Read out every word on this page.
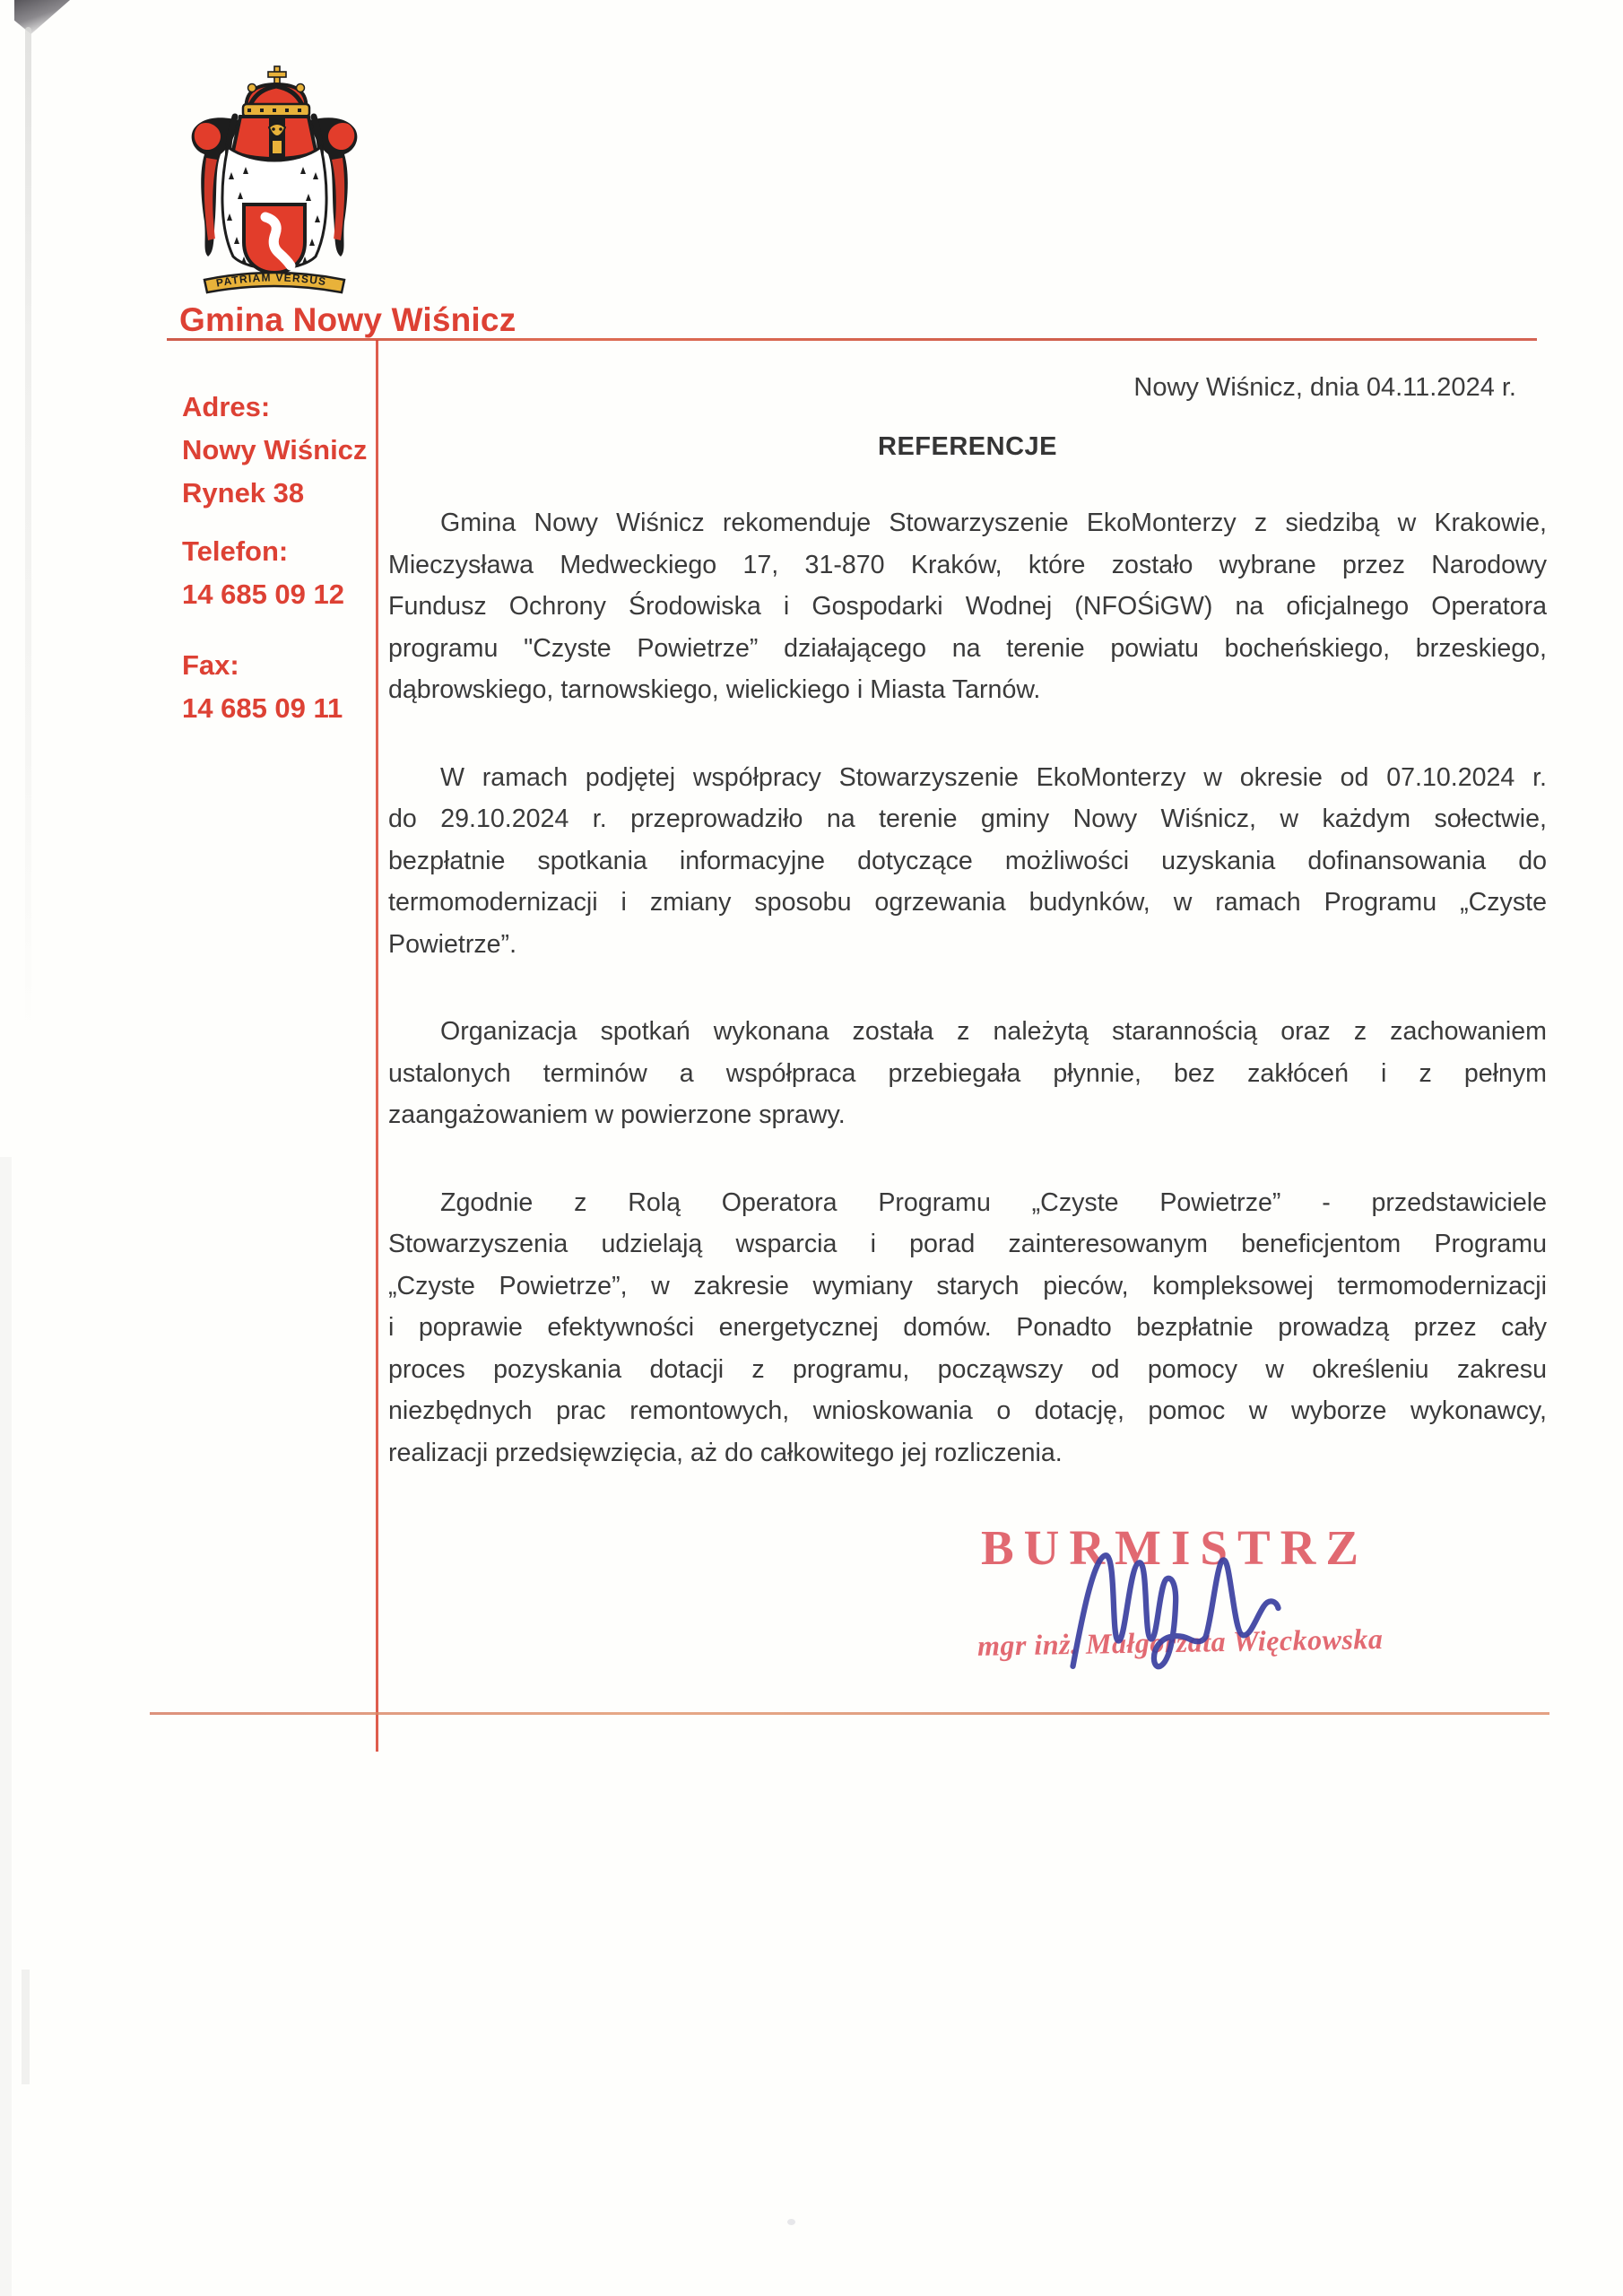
PATRIAM VERSUS
Gmina Nowy Wiśnicz
Adres:
Nowy Wiśnicz
Rynek 38
Telefon:
14 685 09 12
Fax:
14 685 09 11
Nowy Wiśnicz, dnia 04.11.2024 r.
REFERENCJE
Gmina Nowy Wiśnicz rekomenduje Stowarzyszenie EkoMonterzy z siedzibą w Krakowie,
Mieczysława Medweckiego 17, 31-870 Kraków, które zostało wybrane przez Narodowy
Fundusz Ochrony Środowiska i Gospodarki Wodnej (NFOŚiGW) na oficjalnego Operatora
programu "Czyste Powietrze” działającego na terenie powiatu bocheńskiego, brzeskiego,
dąbrowskiego, tarnowskiego, wielickiego i Miasta Tarnów.
W ramach podjętej współpracy Stowarzyszenie EkoMonterzy w okresie od 07.10.2024 r.
do 29.10.2024 r. przeprowadziło na terenie gminy Nowy Wiśnicz, w każdym sołectwie,
bezpłatnie spotkania informacyjne dotyczące możliwości uzyskania dofinansowania do
termomodernizacji i zmiany sposobu ogrzewania budynków, w ramach Programu „Czyste
Powietrze”.
Organizacja spotkań wykonana została z należytą starannością oraz z zachowaniem
ustalonych terminów a współpraca przebiegała płynnie, bez zakłóceń i z pełnym
zaangażowaniem w powierzone sprawy.
Zgodnie z Rolą Operatora Programu „Czyste Powietrze” - przedstawiciele
Stowarzyszenia udzielają wsparcia i porad zainteresowanym beneficjentom Programu
„Czyste Powietrze”, w zakresie wymiany starych pieców, kompleksowej termomodernizacji
i poprawie efektywności energetycznej domów. Ponadto bezpłatnie prowadzą przez cały
proces pozyskania dotacji z programu, począwszy od pomocy w określeniu zakresu
niezbędnych prac remontowych, wnioskowania o dotację, pomoc w wyborze wykonawcy,
realizacji przedsięwzięcia, aż do całkowitego jej rozliczenia.
BURMISTRZ
mgr inż. Małgorzata Więckowska
